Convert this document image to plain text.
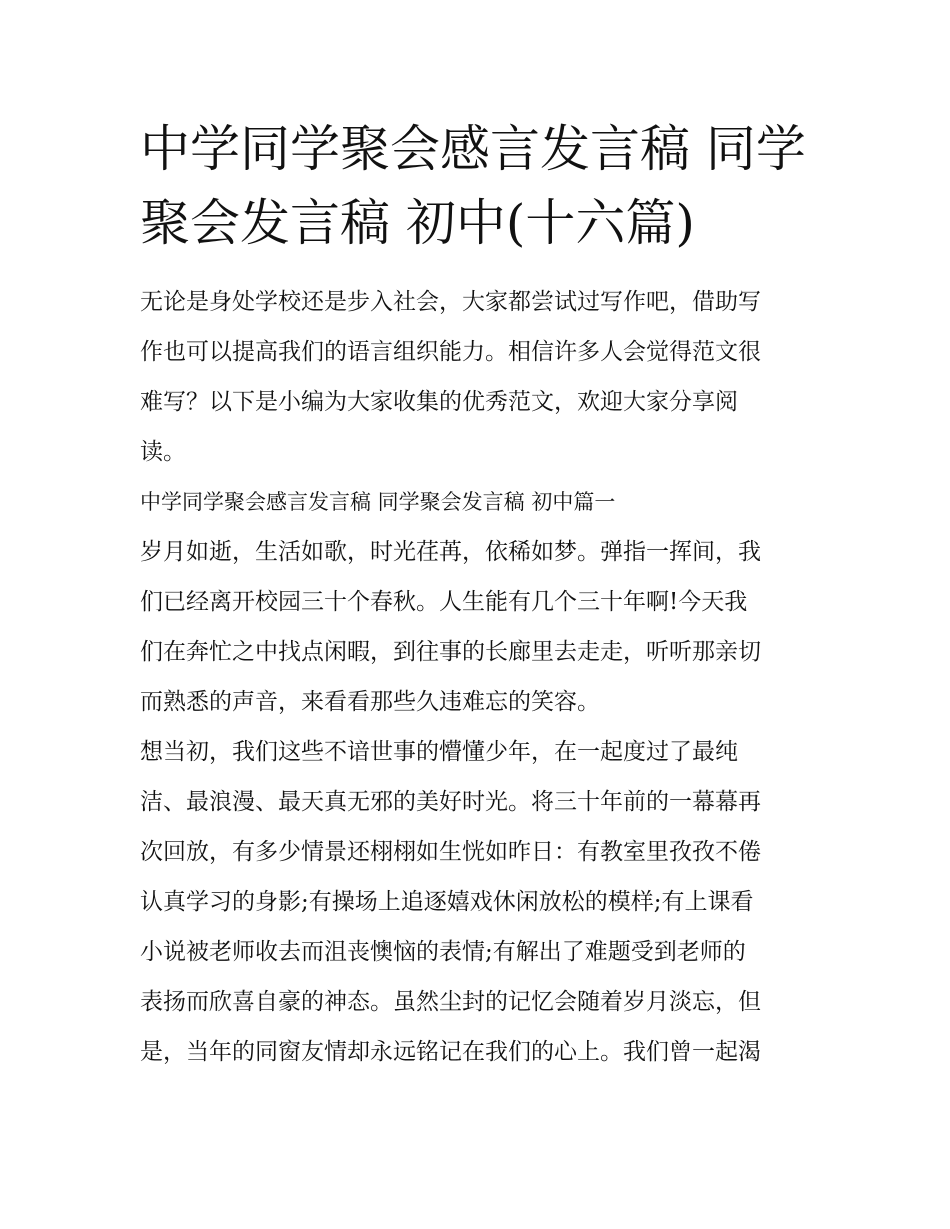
中学同学聚会感言发言稿 同学
聚会发言稿 初中(十六篇)
无论是身处学校还是步入社会，大家都尝试过写作吧，借助写
作也可以提高我们的语言组织能力。相信许多人会觉得范文很
难写？以下是小编为大家收集的优秀范文，欢迎大家分享阅
读。
中学同学聚会感言发言稿 同学聚会发言稿 初中篇一
岁月如逝，生活如歌，时光荏苒，依稀如梦。弹指一挥间，我
们已经离开校园三十个春秋。人生能有几个三十年啊!今天我
们在奔忙之中找点闲暇，到往事的长廊里去走走，听听那亲切
而熟悉的声音，来看看那些久违难忘的笑容。
想当初，我们这些不谙世事的懵懂少年，在一起度过了最纯
洁、最浪漫、最天真无邪的美好时光。将三十年前的一幕幕再
次回放，有多少情景还栩栩如生恍如昨日：有教室里孜孜不倦
认真学习的身影;有操场上追逐嬉戏休闲放松的模样;有上课看
小说被老师收去而沮丧懊恼的表情;有解出了难题受到老师的
表扬而欣喜自豪的神态。虽然尘封的记忆会随着岁月淡忘，但
是，当年的同窗友情却永远铭记在我们的心上。我们曾一起渴
